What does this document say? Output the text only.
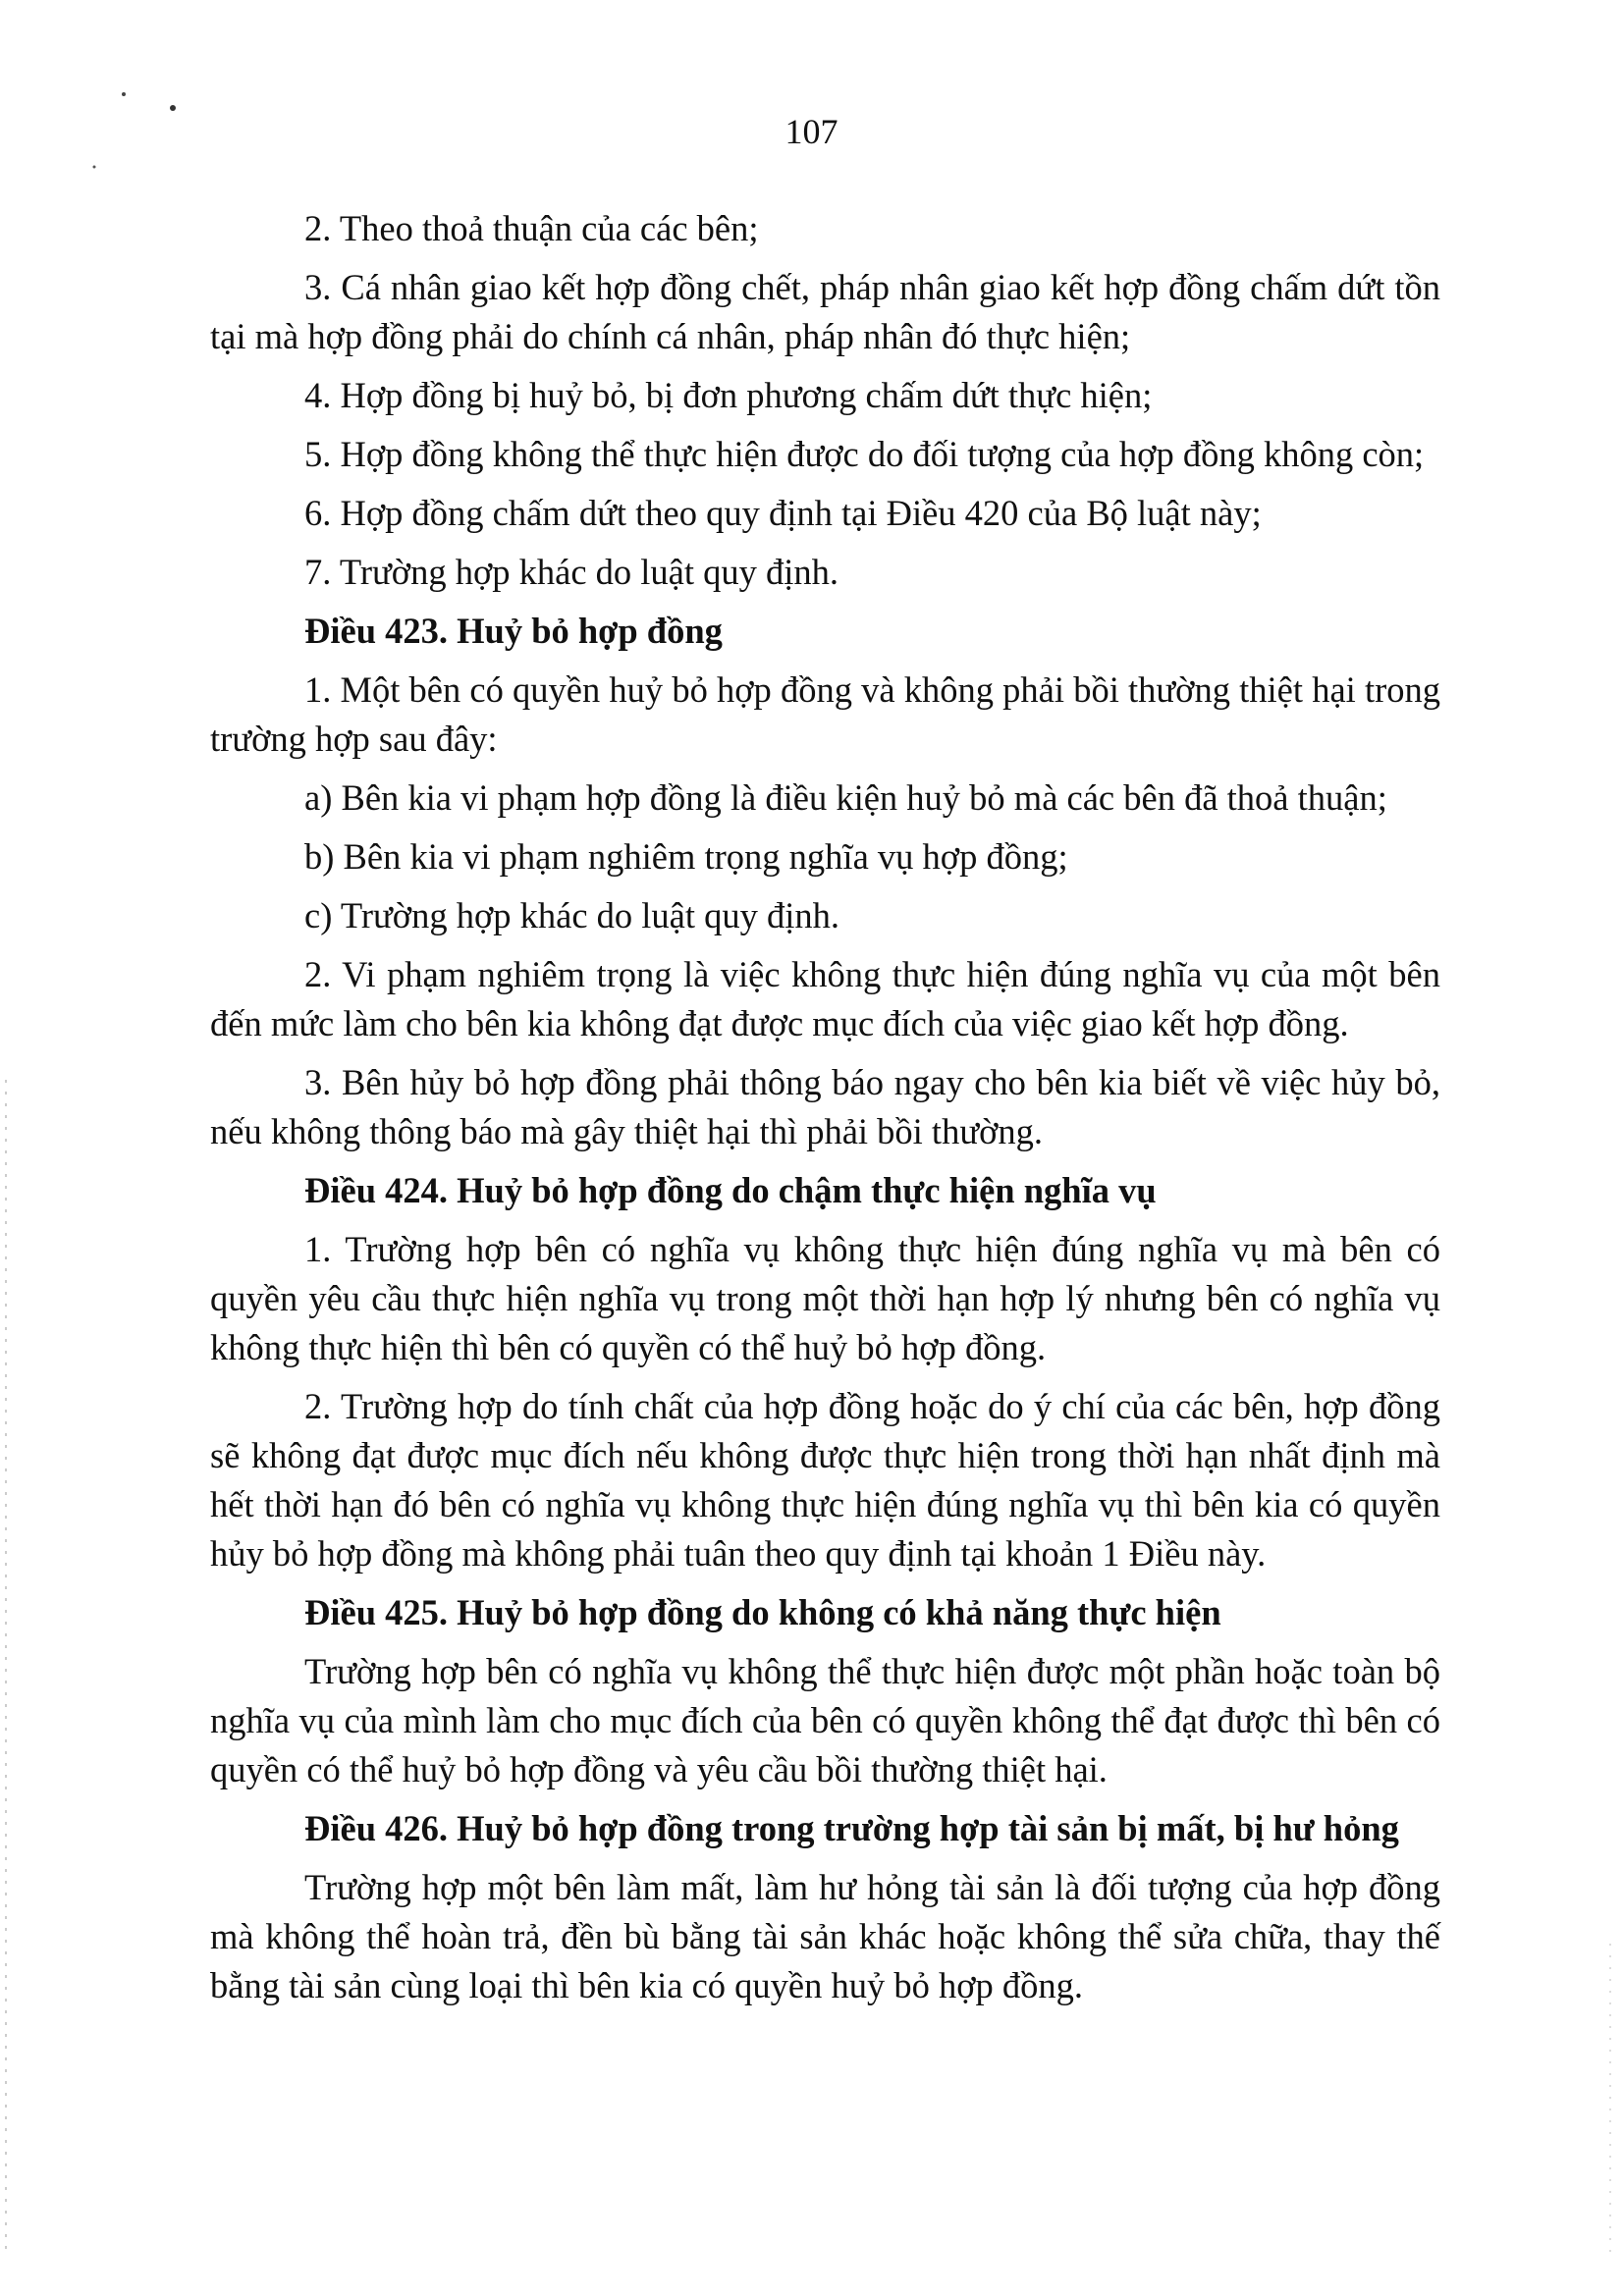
107

2. Theo thoả thuận của các bên;

3. Cá nhân giao kết hợp đồng chết, pháp nhân giao kết hợp đồng chấm dứt tồn tại mà hợp đồng phải do chính cá nhân, pháp nhân đó thực hiện;

4. Hợp đồng bị huỷ bỏ, bị đơn phương chấm dứt thực hiện;

5. Hợp đồng không thể thực hiện được do đối tượng của hợp đồng không còn;

6. Hợp đồng chấm dứt theo quy định tại Điều 420 của Bộ luật này;

7. Trường hợp khác do luật quy định.

Điều 423. Huỷ bỏ hợp đồng

1. Một bên có quyền huỷ bỏ hợp đồng và không phải bồi thường thiệt hại trong trường hợp sau đây:

a) Bên kia vi phạm hợp đồng là điều kiện huỷ bỏ mà các bên đã thoả thuận;

b) Bên kia vi phạm nghiêm trọng nghĩa vụ hợp đồng;

c) Trường hợp khác do luật quy định.

2. Vi phạm nghiêm trọng là việc không thực hiện đúng nghĩa vụ của một bên đến mức làm cho bên kia không đạt được mục đích của việc giao kết hợp đồng.

3. Bên hủy bỏ hợp đồng phải thông báo ngay cho bên kia biết về việc hủy bỏ, nếu không thông báo mà gây thiệt hại thì phải bồi thường.

Điều 424. Huỷ bỏ hợp đồng do chậm thực hiện nghĩa vụ

1. Trường hợp bên có nghĩa vụ không thực hiện đúng nghĩa vụ mà bên có quyền yêu cầu thực hiện nghĩa vụ trong một thời hạn hợp lý nhưng bên có nghĩa vụ không thực hiện thì bên có quyền có thể huỷ bỏ hợp đồng.

2. Trường hợp do tính chất của hợp đồng hoặc do ý chí của các bên, hợp đồng sẽ không đạt được mục đích nếu không được thực hiện trong thời hạn nhất định mà hết thời hạn đó bên có nghĩa vụ không thực hiện đúng nghĩa vụ thì bên kia có quyền hủy bỏ hợp đồng mà không phải tuân theo quy định tại khoản 1 Điều này.

Điều 425. Huỷ bỏ hợp đồng do không có khả năng thực hiện

Trường hợp bên có nghĩa vụ không thể thực hiện được một phần hoặc toàn bộ nghĩa vụ của mình làm cho mục đích của bên có quyền không thể đạt được thì bên có quyền có thể huỷ bỏ hợp đồng và yêu cầu bồi thường thiệt hại.

Điều 426. Huỷ bỏ hợp đồng trong trường hợp tài sản bị mất, bị hư hỏng

Trường hợp một bên làm mất, làm hư hỏng tài sản là đối tượng của hợp đồng mà không thể hoàn trả, đền bù bằng tài sản khác hoặc không thể sửa chữa, thay thế bằng tài sản cùng loại thì bên kia có quyền huỷ bỏ hợp đồng.
